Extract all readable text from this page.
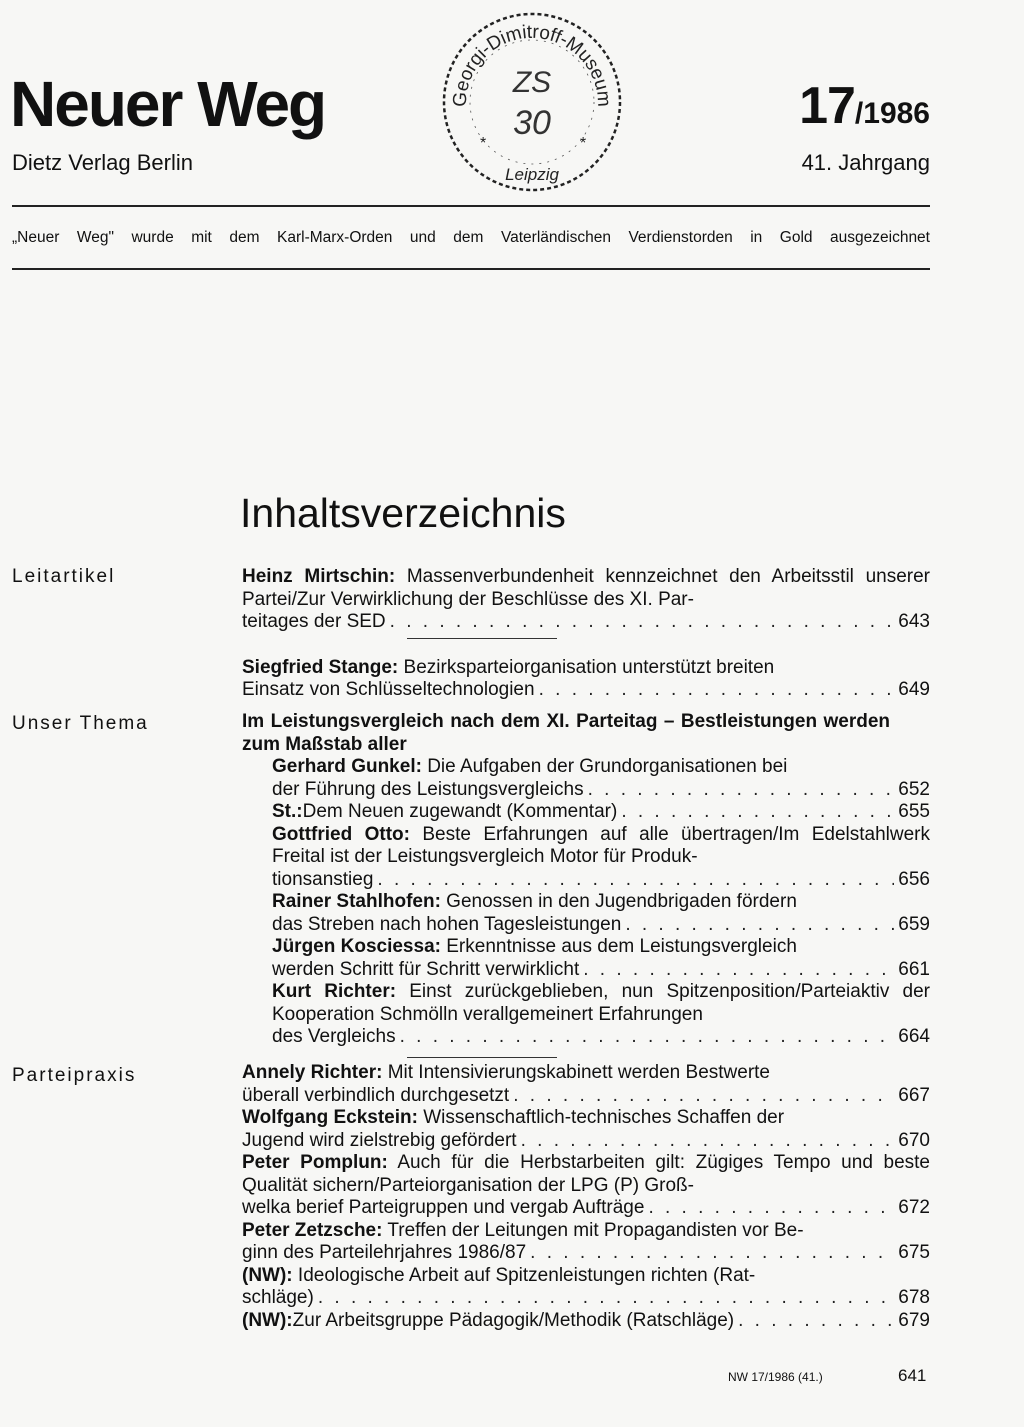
Neuer Weg
Dietz Verlag Berlin
Georgi-Dimitroff-Museum
ZS
30
*	*
Leipzig
17/1986
41. Jahrgang
„Neuer Weg" wurde mit dem Karl-Marx-Orden und dem Vaterländischen Verdienstorden in Gold ausgezeichnet
Inhaltsverzeichnis
Leitartikel	Heinz Mirtschin: Massenverbundenheit kennzeichnet den Arbeitsstil unserer Partei/Zur Verwirklichung der Beschlüsse des XI. Par-
teitages der SED . . .	643
Siegfried Stange: Bezirksparteiorganisation unterstützt breiten
Einsatz von Schlüsseltechnologien . . .	649
Unser Thema	Im Leistungsvergleich nach dem XI. Parteitag – Bestleistungen werden zum Maßstab aller
Gerhard Gunkel: Die Aufgaben der Grundorganisationen bei
der Führung des Leistungsvergleichs . . .	652
St.: Dem Neuen zugewandt (Kommentar) . . .	655
Gottfried Otto: Beste Erfahrungen auf alle übertragen/Im Edelstahlwerk Freital ist der Leistungsvergleich Motor für Produk-
tionsanstieg . . .	656
Rainer Stahlhofen: Genossen in den Jugendbrigaden fördern
das Streben nach hohen Tagesleistungen . . .	659
Jürgen Kosciessa: Erkenntnisse aus dem Leistungsvergleich
werden Schritt für Schritt verwirklicht . . .	661
Kurt Richter: Einst zurückgeblieben, nun Spitzenposition/Parteiaktiv der Kooperation Schmölln verallgemeinert Erfahrungen
des Vergleichs . . .	664
Parteipraxis	Annely Richter: Mit Intensivierungskabinett werden Bestwerte
überall verbindlich durchgesetzt . . .	667
Wolfgang Eckstein: Wissenschaftlich-technisches Schaffen der
Jugend wird zielstrebig gefördert . . .	670
Peter Pomplun: Auch für die Herbstarbeiten gilt: Zügiges Tempo und beste Qualität sichern/Parteiorganisation der LPG (P) Groß-
welka berief Parteigruppen und vergab Aufträge . . .	672
Peter Zetzsche: Treffen der Leitungen mit Propagandisten vor Be-
ginn des Parteilehrjahres 1986/87 . . .	675
(NW): Ideologische Arbeit auf Spitzenleistungen richten (Rat-
schläge) . . .	678
(NW): Zur Arbeitsgruppe Pädagogik/Methodik (Ratschläge) . . .	679
NW 17/1986 (41.)	641
